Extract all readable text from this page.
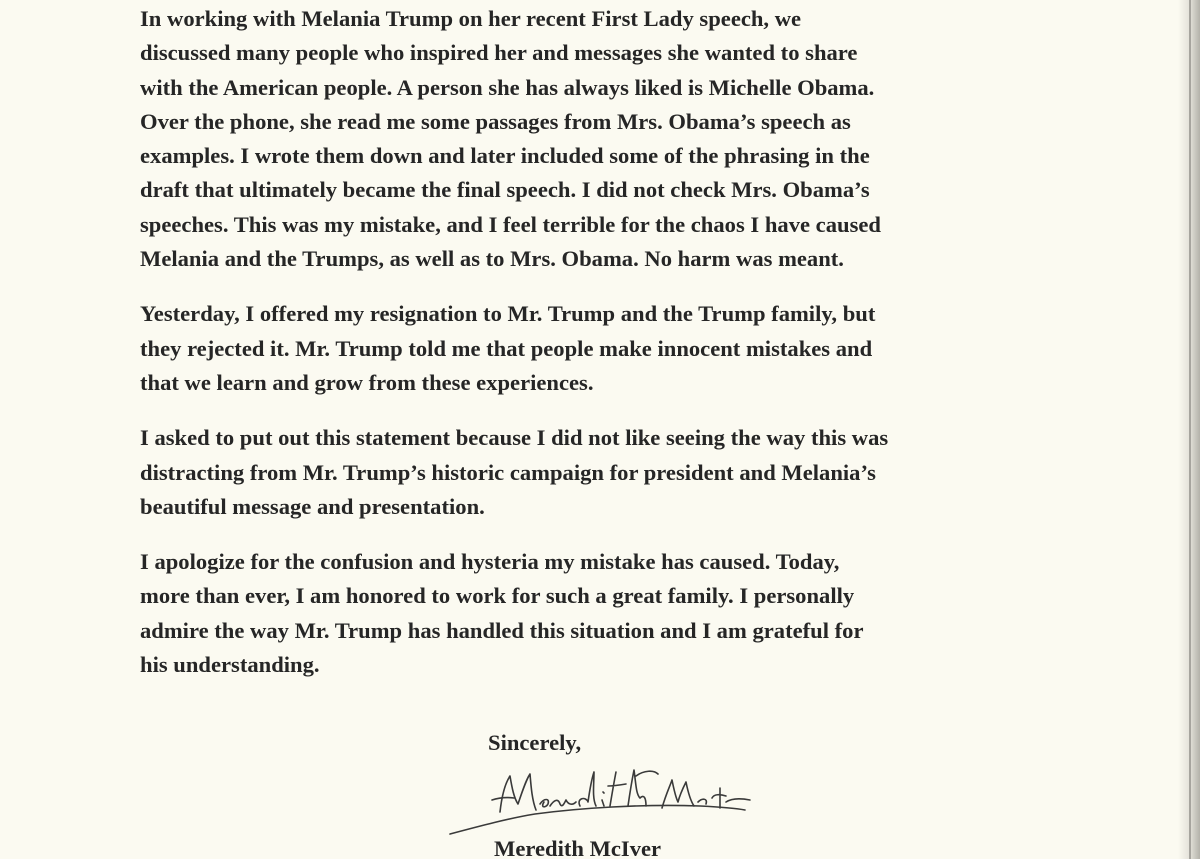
In working with Melania Trump on her recent First Lady speech, we
discussed many people who inspired her and messages she wanted to share
with the American people. A person she has always liked is Michelle Obama.
Over the phone, she read me some passages from Mrs. Obama’s speech as
examples. I wrote them down and later included some of the phrasing in the
draft that ultimately became the final speech. I did not check Mrs. Obama’s
speeches. This was my mistake, and I feel terrible for the chaos I have caused
Melania and the Trumps, as well as to Mrs. Obama. No harm was meant.
Yesterday, I offered my resignation to Mr. Trump and the Trump family, but
they rejected it. Mr. Trump told me that people make innocent mistakes and
that we learn and grow from these experiences.
I asked to put out this statement because I did not like seeing the way this was
distracting from Mr. Trump’s historic campaign for president and Melania’s
beautiful message and presentation.
I apologize for the confusion and hysteria my mistake has caused. Today,
more than ever, I am honored to work for such a great family. I personally
admire the way Mr. Trump has handled this situation and I am grateful for
his understanding.
Sincerely,
Meredith McIver
